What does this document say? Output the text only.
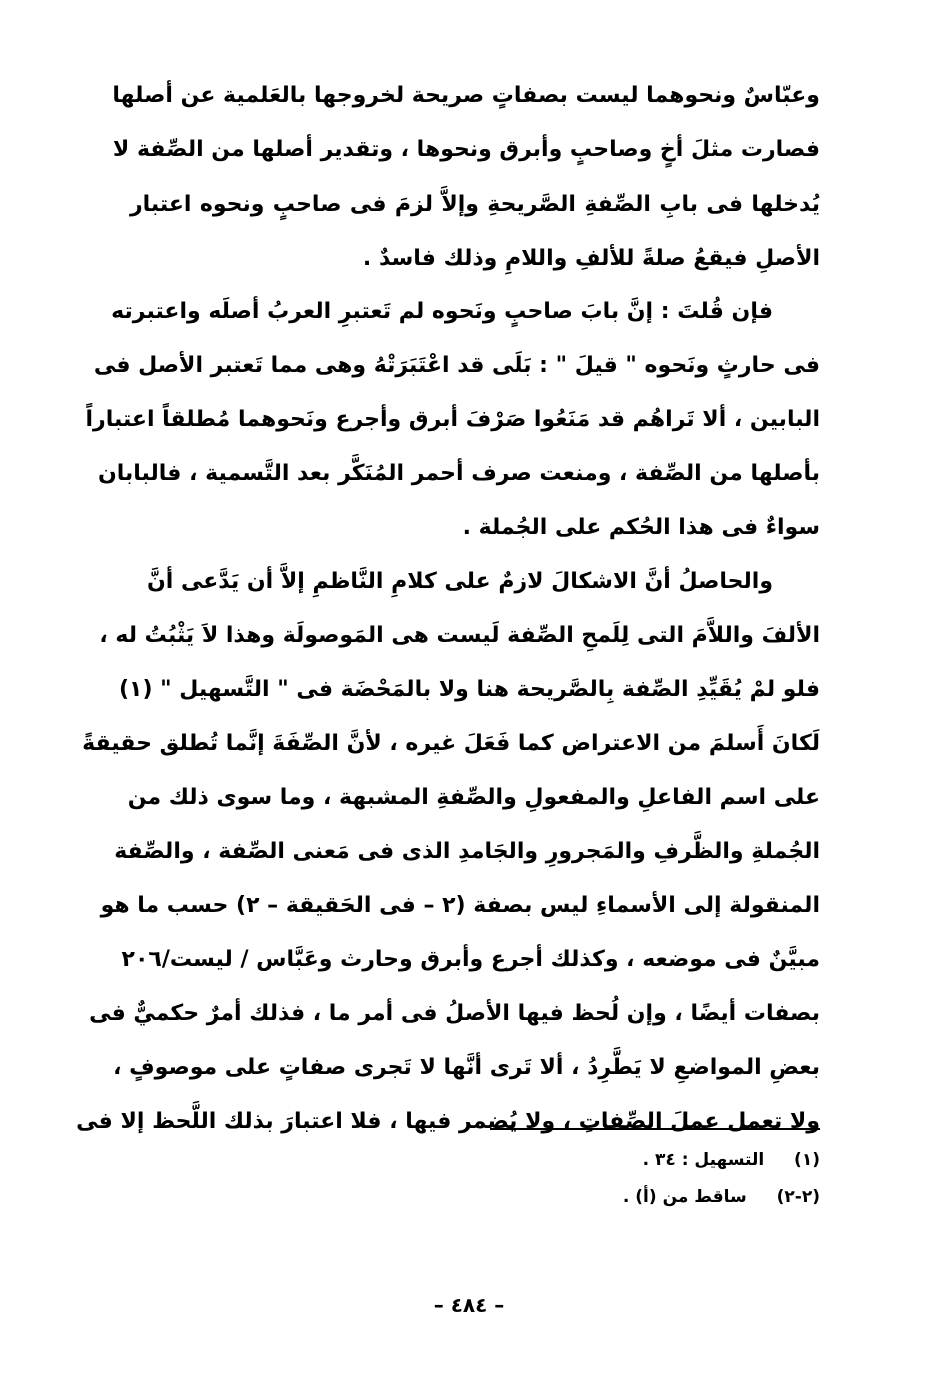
وعبّاسٌ ونحوهما ليست بصفاتٍ صريحة لخروجها بالعَلمية عن أصلها
فصارت مثلَ أخٍ وصاحبٍ وأبرق ونحوها ، وتقدير أصلها من الصِّفة لا
يُدخلها فى بابِ الصِّفةِ الصَّريحةِ وإلاَّ لزمَ فى صاحبٍ ونحوه اعتبار
الأصلِ فيقعُ صلةً للألفِ واللامِ وذلك فاسدٌ .
فإن قُلتَ : إنَّ بابَ صاحبٍ ونَحوه لم تَعتبرِ العربُ أصلَه واعتبرته
فى حارثٍ ونَحوه " قيلَ " : بَلَى قد اعْتَبَرَتْهُ وهى مما تَعتبر الأصل فى
البابين ، ألا تَراهُم قد مَنَعُوا صَرْفَ أبرق وأجرع ونَحوهما مُطلقاً اعتباراً
بأصلها من الصِّفة ، ومنعت صرف أحمر المُنَكَّر بعد التَّسمية ، فالبابان
سواءٌ فى هذا الحُكم على الجُملة .
والحاصلُ أنَّ الاشكالَ لازمٌ على كلامِ النَّاظمِ إلاَّ أن يَدَّعى أنَّ
الألفَ واللاَّمَ التى لِلَمحِ الصِّفة لَيست هى المَوصولَة وهذا لاَ يَثْبُتُ له ،
فلو لمْ يُقَيِّدِ الصِّفة بِالصَّريحة هنا ولا بالمَحْضَة فى " التَّسهيل " (١)
لَكانَ أَسلمَ من الاعتراض كما فَعَلَ غيره ، لأنَّ الصِّفَةَ إنَّما تُطلق حقيقةً
على اسم الفاعلِ والمفعولِ والصِّفةِ المشبهة ، وما سوى ذلك من
الجُملةِ والظَّرفِ والمَجرورِ والجَامدِ الذى فى مَعنى الصِّفة ، والصِّفة
المنقولة إلى الأسماءِ ليس بصفة (٢ – فى الحَقيقة – ٢) حسب ما هو
مبيَّنٌ فى موضعه ، وكذلك أجرع وأبرق وحارث وعَبَّاس / ليست/٢٠٦
بصفات أيضًا ، وإن لُحظ فيها الأصلُ فى أمر ما ، فذلك أمرٌ حكميٌّ فى
بعضِ المواضعِ لا يَطَّرِدُ ، ألا تَرى أنَّها لا تَجرى صفاتٍ على موصوفٍ ،
ولا تعمل عملَ الصِّفاتِ ، ولا يُضمر فيها ، فلا اعتبارَ بذلك اللَّحظ إلا فى
(١)  التسهيل : ٣٤ .
(٢-٢)  ساقط من (أ) .
– ٤٨٤ –
